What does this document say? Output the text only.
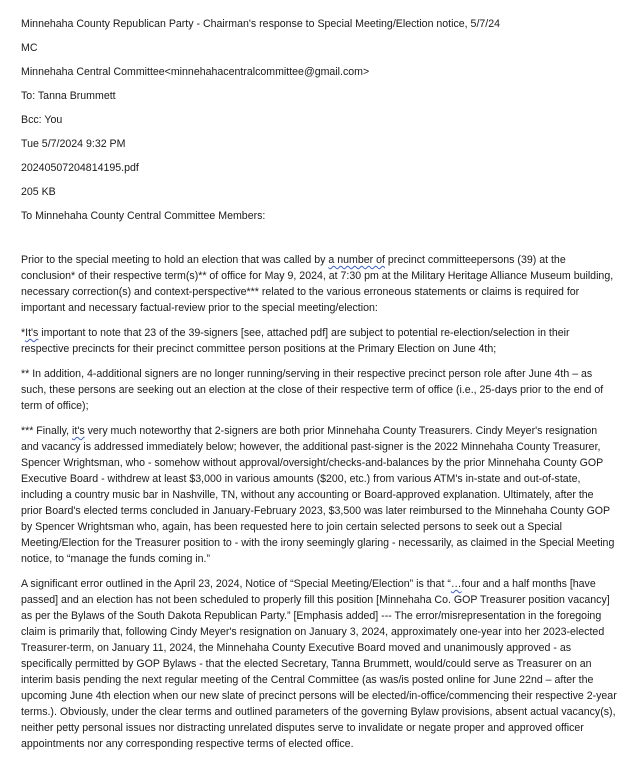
Minnehaha County Republican Party - Chairman's response to Special Meeting/Election notice, 5/7/24
MC
Minnehaha Central Committee<minnehahacentralcommittee@gmail.com>
To: Tanna Brummett
Bcc: You
Tue 5/7/2024 9:32 PM
20240507204814195.pdf
205 KB
To Minnehaha County Central Committee Members:

Prior to the special meeting to hold an election that was called by a number of precinct committeepersons (39) at the conclusion* of their respective term(s)** of office for May 9, 2024, at 7:30 pm at the Military Heritage Alliance Museum building, necessary correction(s) and context-perspective*** related to the various erroneous statements or claims is required for important and necessary factual-review prior to the special meeting/election:

*It's important to note that 23 of the 39-signers [see, attached pdf] are subject to potential re-election/selection in their respective precincts for their precinct committee person positions at the Primary Election on June 4th;

** In addition, 4-additional signers are no longer running/serving in their respective precinct person role after June 4th – as such, these persons are seeking out an election at the close of their respective term of office (i.e., 25-days prior to the end of term of office);

*** Finally, it's very much noteworthy that 2-signers are both prior Minnehaha County Treasurers. Cindy Meyer's resignation and vacancy is addressed immediately below; however, the additional past-signer is the 2022 Minnehaha County Treasurer, Spencer Wrightsman, who - somehow without approval/oversight/checks-and-balances by the prior Minnehaha County GOP Executive Board - withdrew at least $3,000 in various amounts ($200, etc.) from various ATM's in-state and out-of-state, including a country music bar in Nashville, TN, without any accounting or Board-approved explanation. Ultimately, after the prior Board's elected terms concluded in January-February 2023, $3,500 was later reimbursed to the Minnehaha County GOP by Spencer Wrightsman who, again, has been requested here to join certain selected persons to seek out a Special Meeting/Election for the Treasurer position to - with the irony seemingly glaring - necessarily, as claimed in the Special Meeting notice, to “manage the funds coming in.”

A significant error outlined in the April 23, 2024, Notice of “Special Meeting/Election” is that “…four and a half months [have passed] and an election has not been scheduled to properly fill this position [Minnehaha Co. GOP Treasurer position vacancy] as per the Bylaws of the South Dakota Republican Party.” [Emphasis added] --- The error/misrepresentation in the foregoing claim is primarily that, following Cindy Meyer's resignation on January 3, 2024, approximately one-year into her 2023-elected Treasurer-term, on January 11, 2024, the Minnehaha County Executive Board moved and unanimously approved - as specifically permitted by GOP Bylaws - that the elected Secretary, Tanna Brummett, would/could serve as Treasurer on an interim basis pending the next regular meeting of the Central Committee (as was/is posted online for June 22nd – after the upcoming June 4th election when our new slate of precinct persons will be elected/in-office/commencing their respective 2-year terms.). Obviously, under the clear terms and outlined parameters of the governing Bylaw provisions, absent actual vacancy(s), neither petty personal issues nor distracting unrelated disputes serve to invalidate or negate proper and approved officer appointments nor any corresponding respective terms of elected office.
